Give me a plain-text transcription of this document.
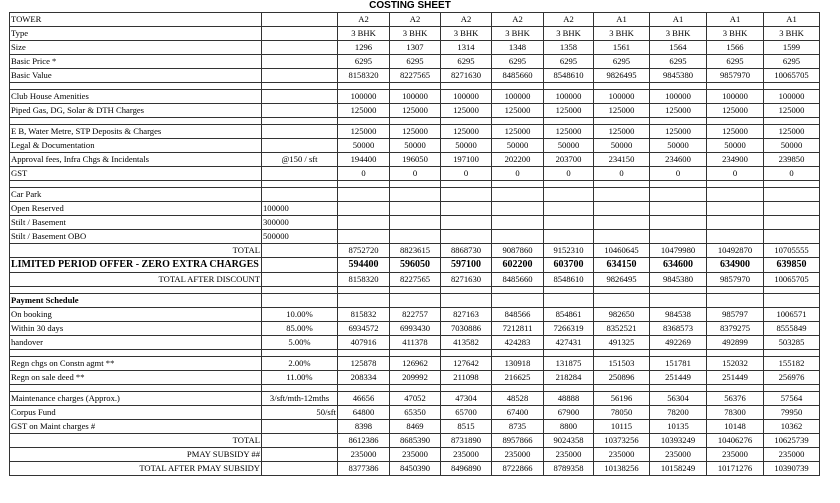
COSTING SHEET
TOWER		A2	A2	A2	A2	A2	A1	A1	A1	A1
Type		3 BHK	3 BHK	3 BHK	3 BHK	3 BHK	3 BHK	3 BHK	3 BHK	3 BHK
Size		1296	1307	1314	1348	1358	1561	1564	1566	1599
Basic Price *		6295	6295	6295	6295	6295	6295	6295	6295	6295
Basic Value		8158320	8227565	8271630	8485660	8548610	9826495	9845380	9857970	10065705

Club House Amenities		100000	100000	100000	100000	100000	100000	100000	100000	100000
Piped Gas, DG, Solar & DTH Charges		125000	125000	125000	125000	125000	125000	125000	125000	125000

E B, Water Metre, STP Deposits & Charges		125000	125000	125000	125000	125000	125000	125000	125000	125000
Legal & Documentation		50000	50000	50000	50000	50000	50000	50000	50000	50000
Approval fees, Infra Chgs & Incidentals	@150 / sft	194400	196050	197100	202200	203700	234150	234600	234900	239850
GST		0	0	0	0	0	0	0	0	0

Car Park										
Open Reserved	100000									
Stilt / Basement	300000									
Stilt / Basement OBO	500000									
TOTAL		8752720	8823615	8868730	9087860	9152310	10460645	10479980	10492870	10705555
LIMITED PERIOD OFFER - ZERO EXTRA CHARGES		594400	596050	597100	602200	603700	634150	634600	634900	639850
TOTAL AFTER DISCOUNT		8158320	8227565	8271630	8485660	8548610	9826495	9845380	9857970	10065705

Payment Schedule										
On booking	10.00%	815832	822757	827163	848566	854861	982650	984538	985797	1006571
Within 30 days	85.00%	6934572	6993430	7030886	7212811	7266319	8352521	8368573	8379275	8555849
handover	5.00%	407916	411378	413582	424283	427431	491325	492269	492899	503285

Regn chgs on Constn agmt **	2.00%	125878	126962	127642	130918	131875	151503	151781	152032	155182
Regn on sale deed **	11.00%	208334	209992	211098	216625	218284	250896	251449	251449	256976

Maintenance charges (Approx.)	3/sft/mth-12mths	46656	47052	47304	48528	48888	56196	56304	56376	57564
Corpus Fund	50/sft	64800	65350	65700	67400	67900	78050	78200	78300	79950
GST on Maint charges #		8398	8469	8515	8735	8800	10115	10135	10148	10362
TOTAL		8612386	8685390	8731890	8957866	9024358	10373256	10393249	10406276	10625739
PMAY SUBSIDY ##		235000	235000	235000	235000	235000	235000	235000	235000	235000
TOTAL AFTER PMAY SUBSIDY		8377386	8450390	8496890	8722866	8789358	10138256	10158249	10171276	10390739
